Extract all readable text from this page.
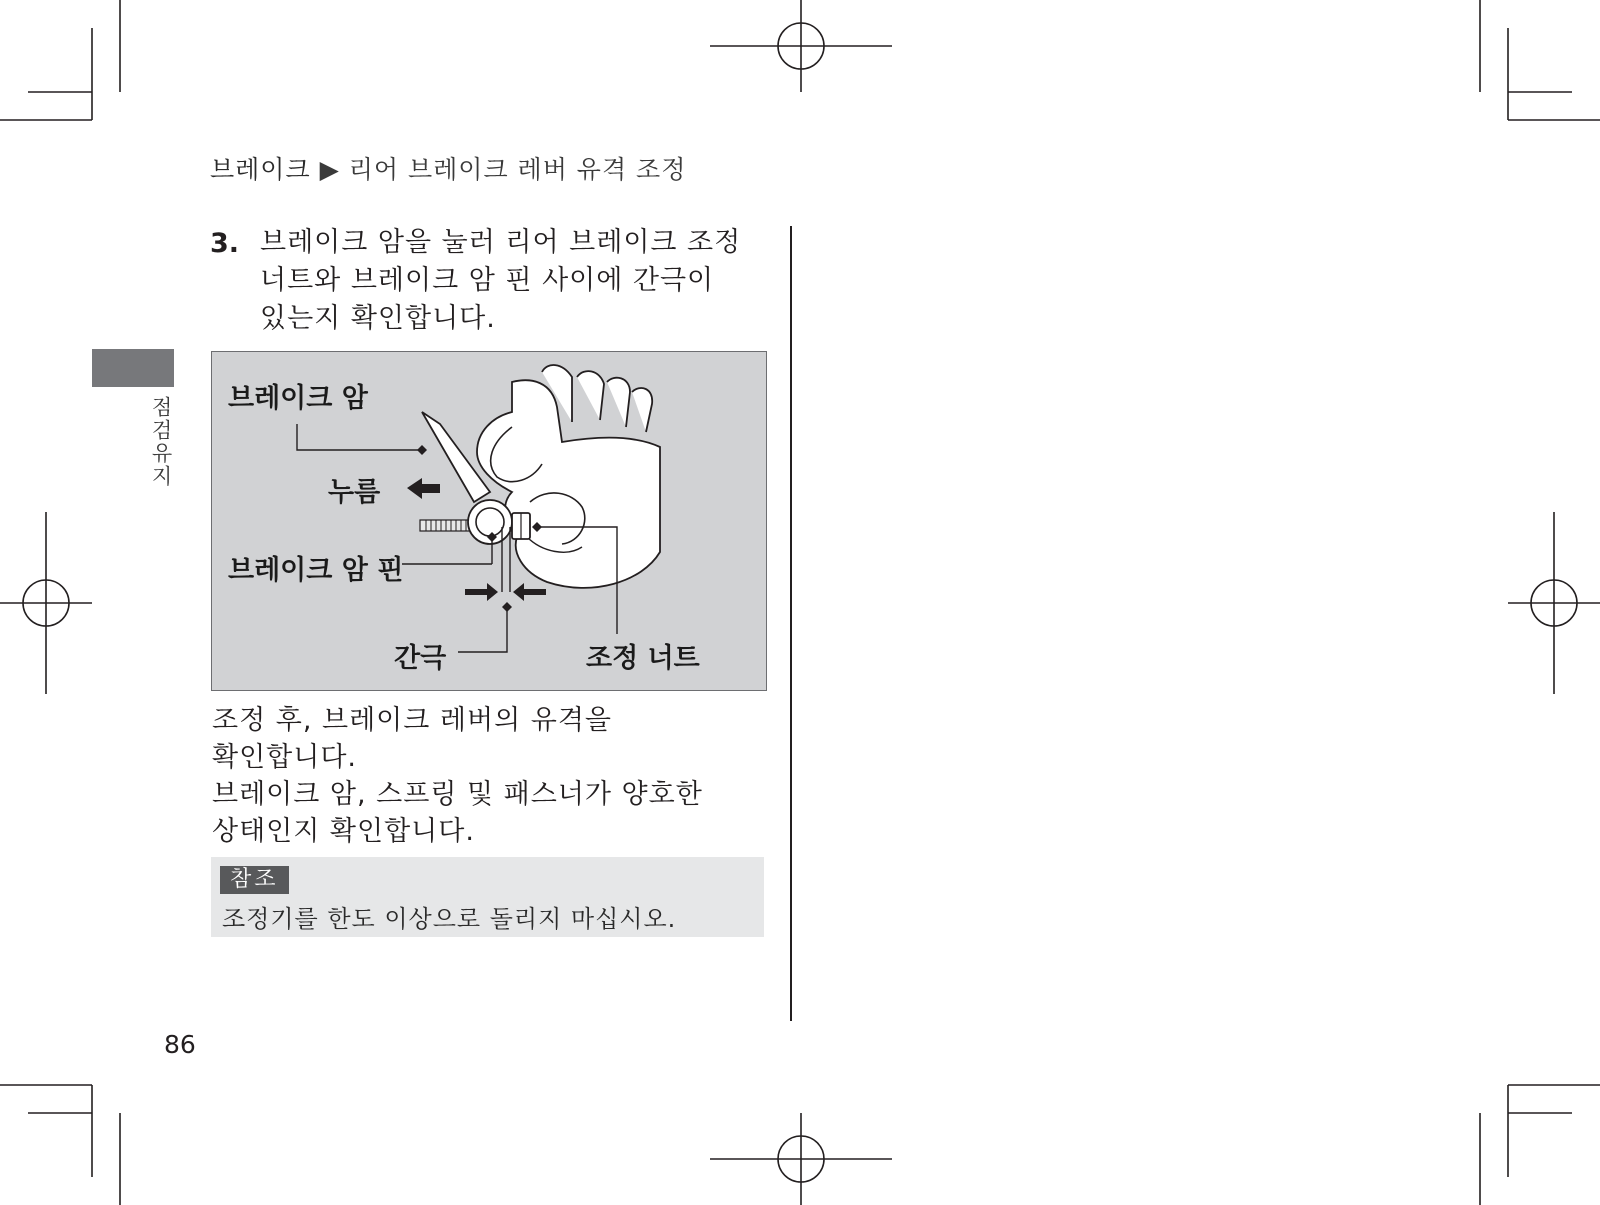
브레이크 ▶ 리어 브레이크 레버 유격 조정
3. 브레이크 암을 눌러 리어 브레이크 조정
너트와 브레이크 암 핀 사이에 간극이
있는지 확인합니다.
점검유지 브레이크 암
누름
브레이크 암 핀
간극	조정 너트
조정 후, 브레이크 레버의 유격을
확인합니다.
브레이크 암, 스프링 및 패스너가 양호한
상태인지 확인합니다.
참조
조정기를 한도 이상으로 돌리지 마십시오.
86
